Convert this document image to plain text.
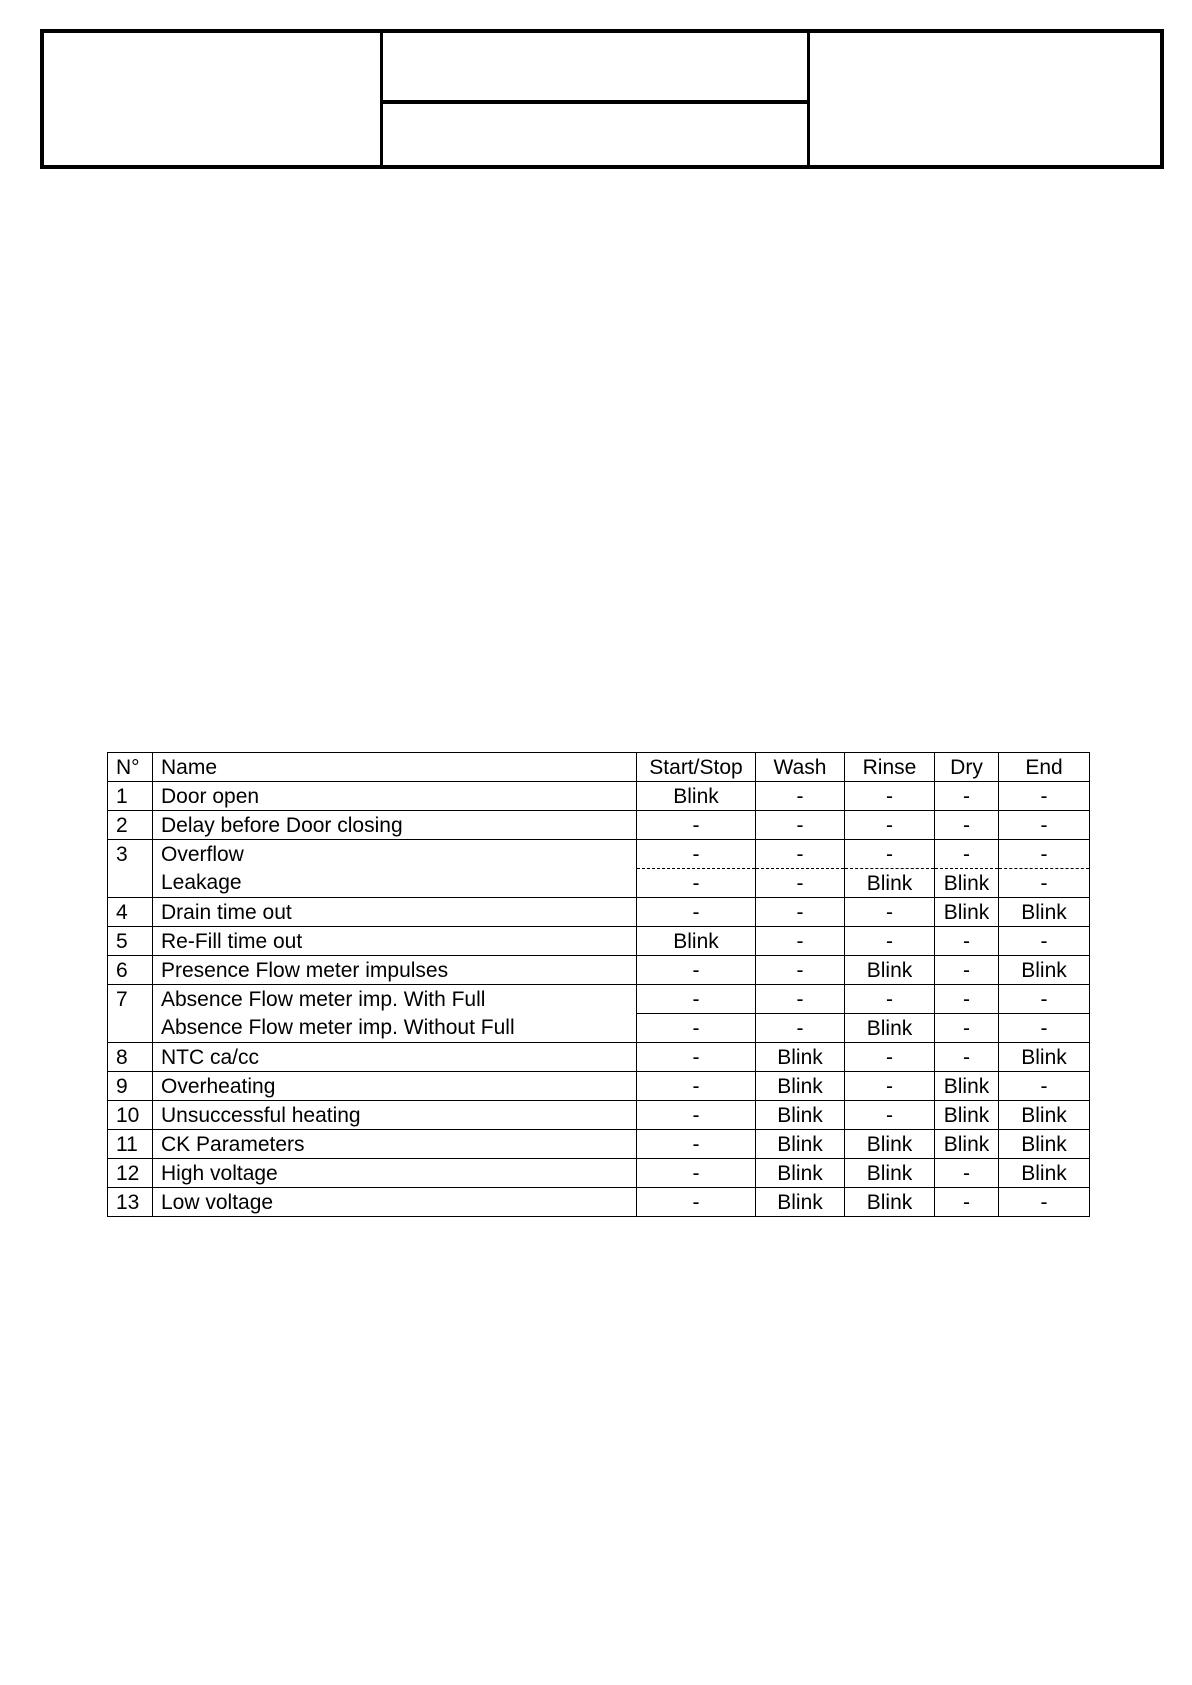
N°	Name	Start/Stop	Wash	Rinse	Dry	End
1	Door open	Blink	-	-	-	-
2	Delay before Door closing	-	-	-	-	-
3	Overflow	-	-	-	-	-
	Leakage	-	-	Blink	Blink	-
4	Drain time out	-	-	-	Blink	Blink
5	Re-Fill time out	Blink	-	-	-	-
6	Presence Flow meter impulses	-	-	Blink	-	Blink
7	Absence Flow meter imp. With Full	-	-	-	-	-
	Absence Flow meter imp. Without Full	-	-	Blink	-	-
8	NTC ca/cc	-	Blink	-	-	Blink
9	Overheating	-	Blink	-	Blink	-
10	Unsuccessful heating	-	Blink	-	Blink	Blink
11	CK Parameters	-	Blink	Blink	Blink	Blink
12	High voltage	-	Blink	Blink	-	Blink
13	Low voltage	-	Blink	Blink	-	-
